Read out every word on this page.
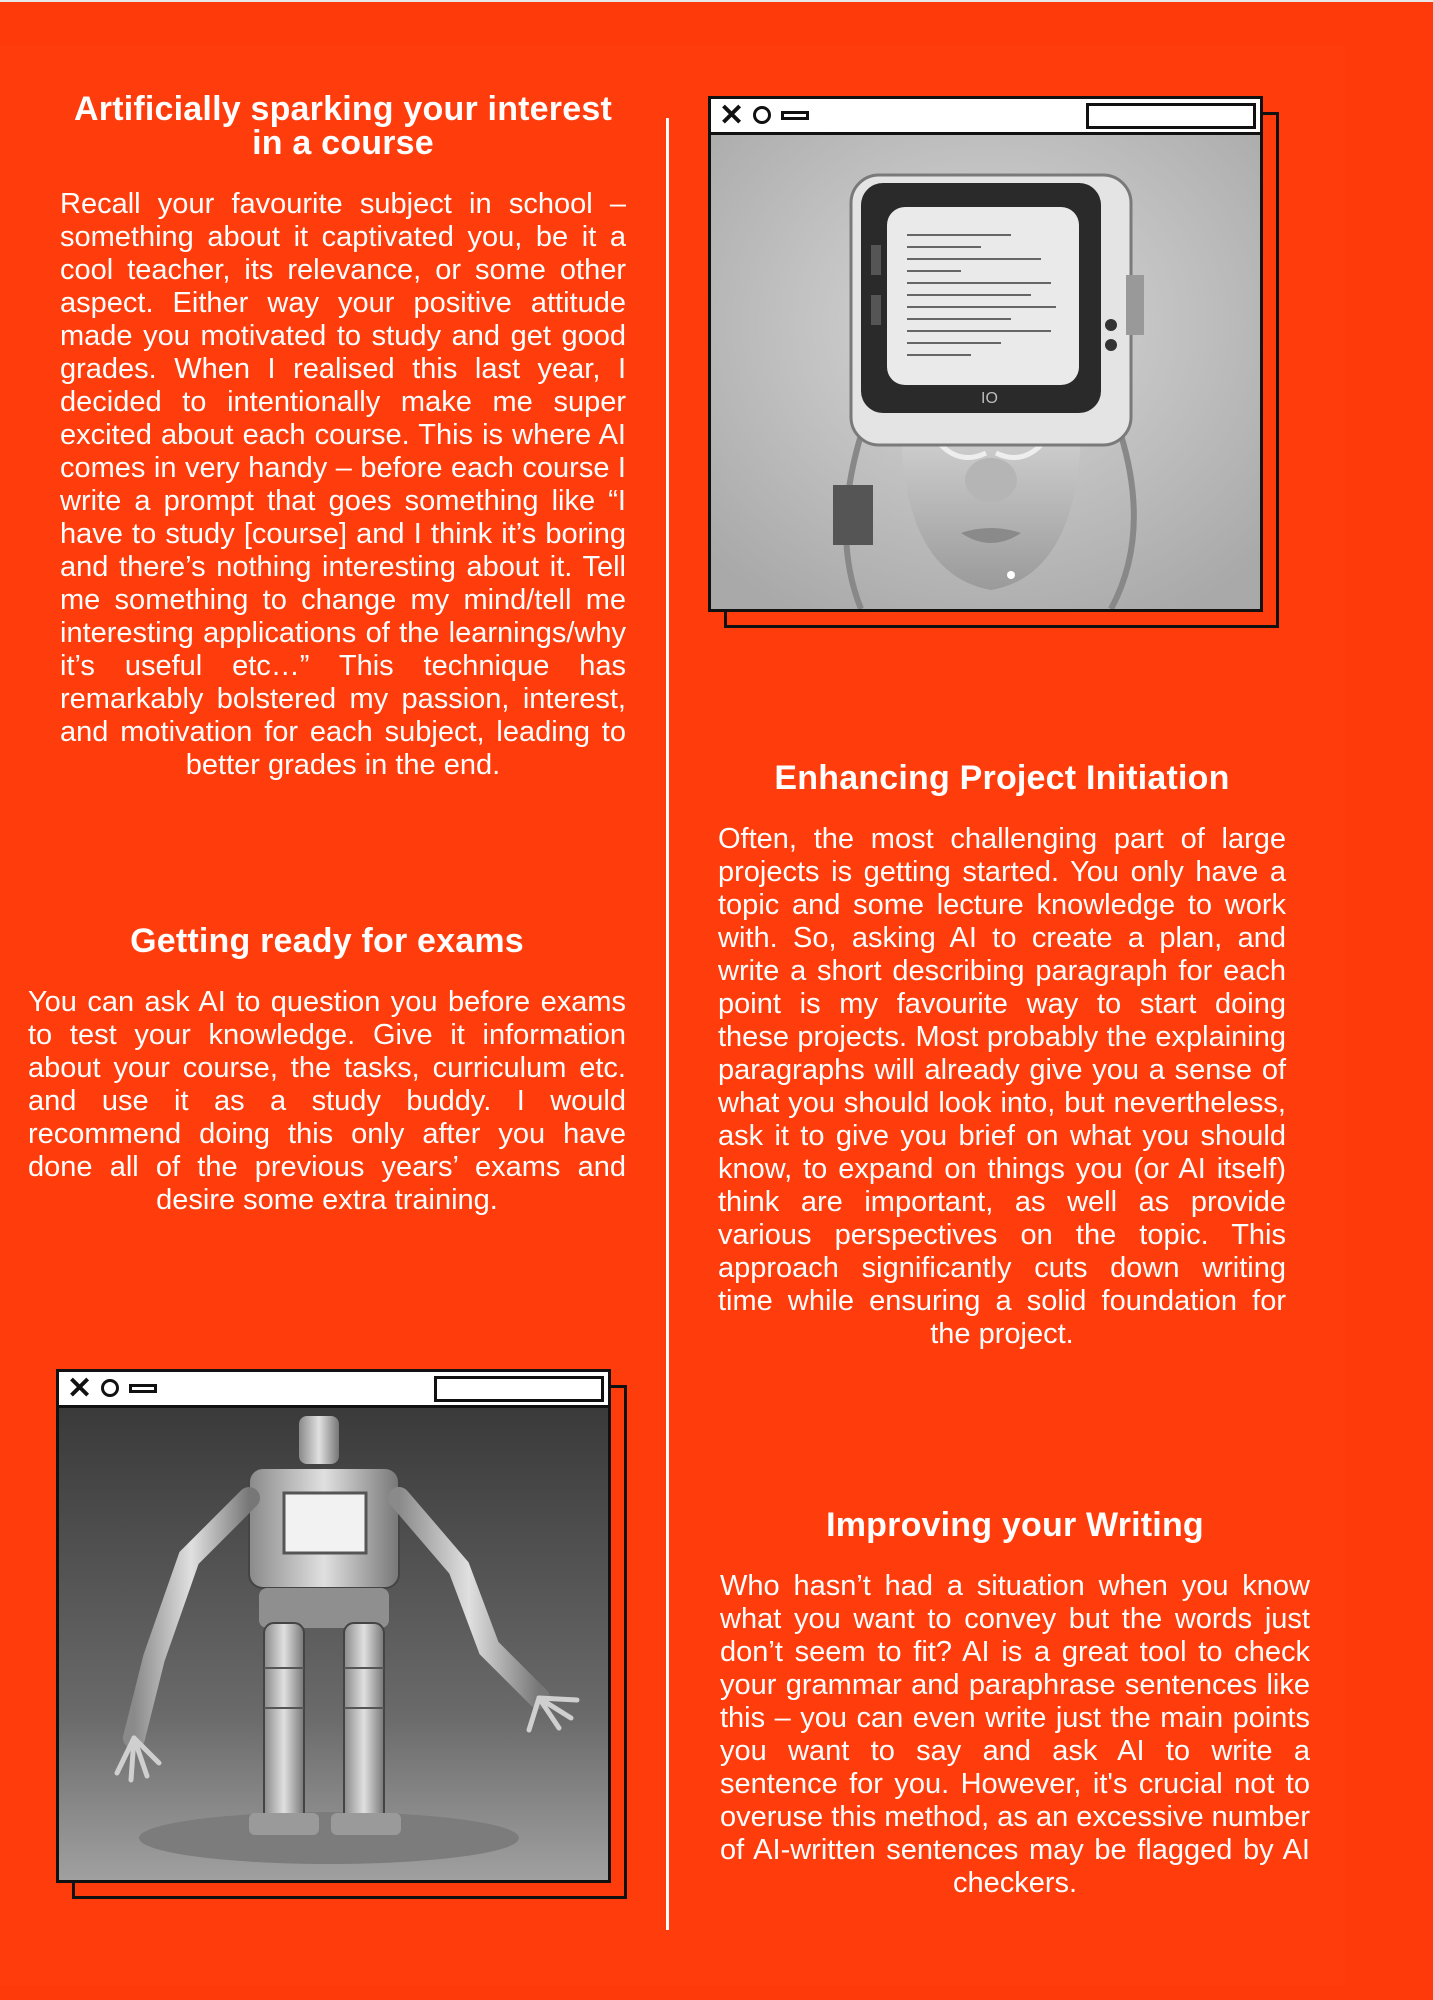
Artificially sparking your interest in a course

Recall your favourite subject in school – something about it captivated you, be it a cool teacher, its relevance, or some other aspect. Either way your positive attitude made you motivated to study and get good grades. When I realised this last year, I decided to intentionally make me super excited about each course. This is where AI comes in very handy – before each course I write a prompt that goes something like “I have to study [course] and I think it’s boring and there’s nothing interesting about it. Tell me something to change my mind/tell me interesting applications of the learnings/why it’s useful etc…” This technique has remarkably bolstered my passion, interest, and motivation for each subject, leading to better grades in the end.

Getting ready for exams

You can ask AI to question you before exams to test your knowledge. Give it information about your course, the tasks, curriculum etc. and use it as a study buddy. I would recommend doing this only after you have done all of the previous years’ exams and desire some extra training.

Enhancing Project Initiation

Often, the most challenging part of large projects is getting started. You only have a topic and some lecture knowledge to work with. So, asking AI to create a plan, and write a short describing paragraph for each point is my favourite way to start doing these projects. Most probably the explaining paragraphs will already give you a sense of what you should look into, but nevertheless, ask it to give you brief on what you should know, to expand on things you (or AI itself) think are important, as well as provide various perspectives on the topic. This approach significantly cuts down writing time while ensuring a solid foundation for the project.

Improving your Writing

Who hasn’t had a situation when you know what you want to convey but the words just don’t seem to fit? AI is a great tool to check your grammar and paraphrase sentences like this – you can even write just the main points you want to say and ask AI to write a sentence for you. However, it's crucial not to overuse this method, as an excessive number of AI-written sentences may be flagged by AI checkers.

✕
IO
✕
